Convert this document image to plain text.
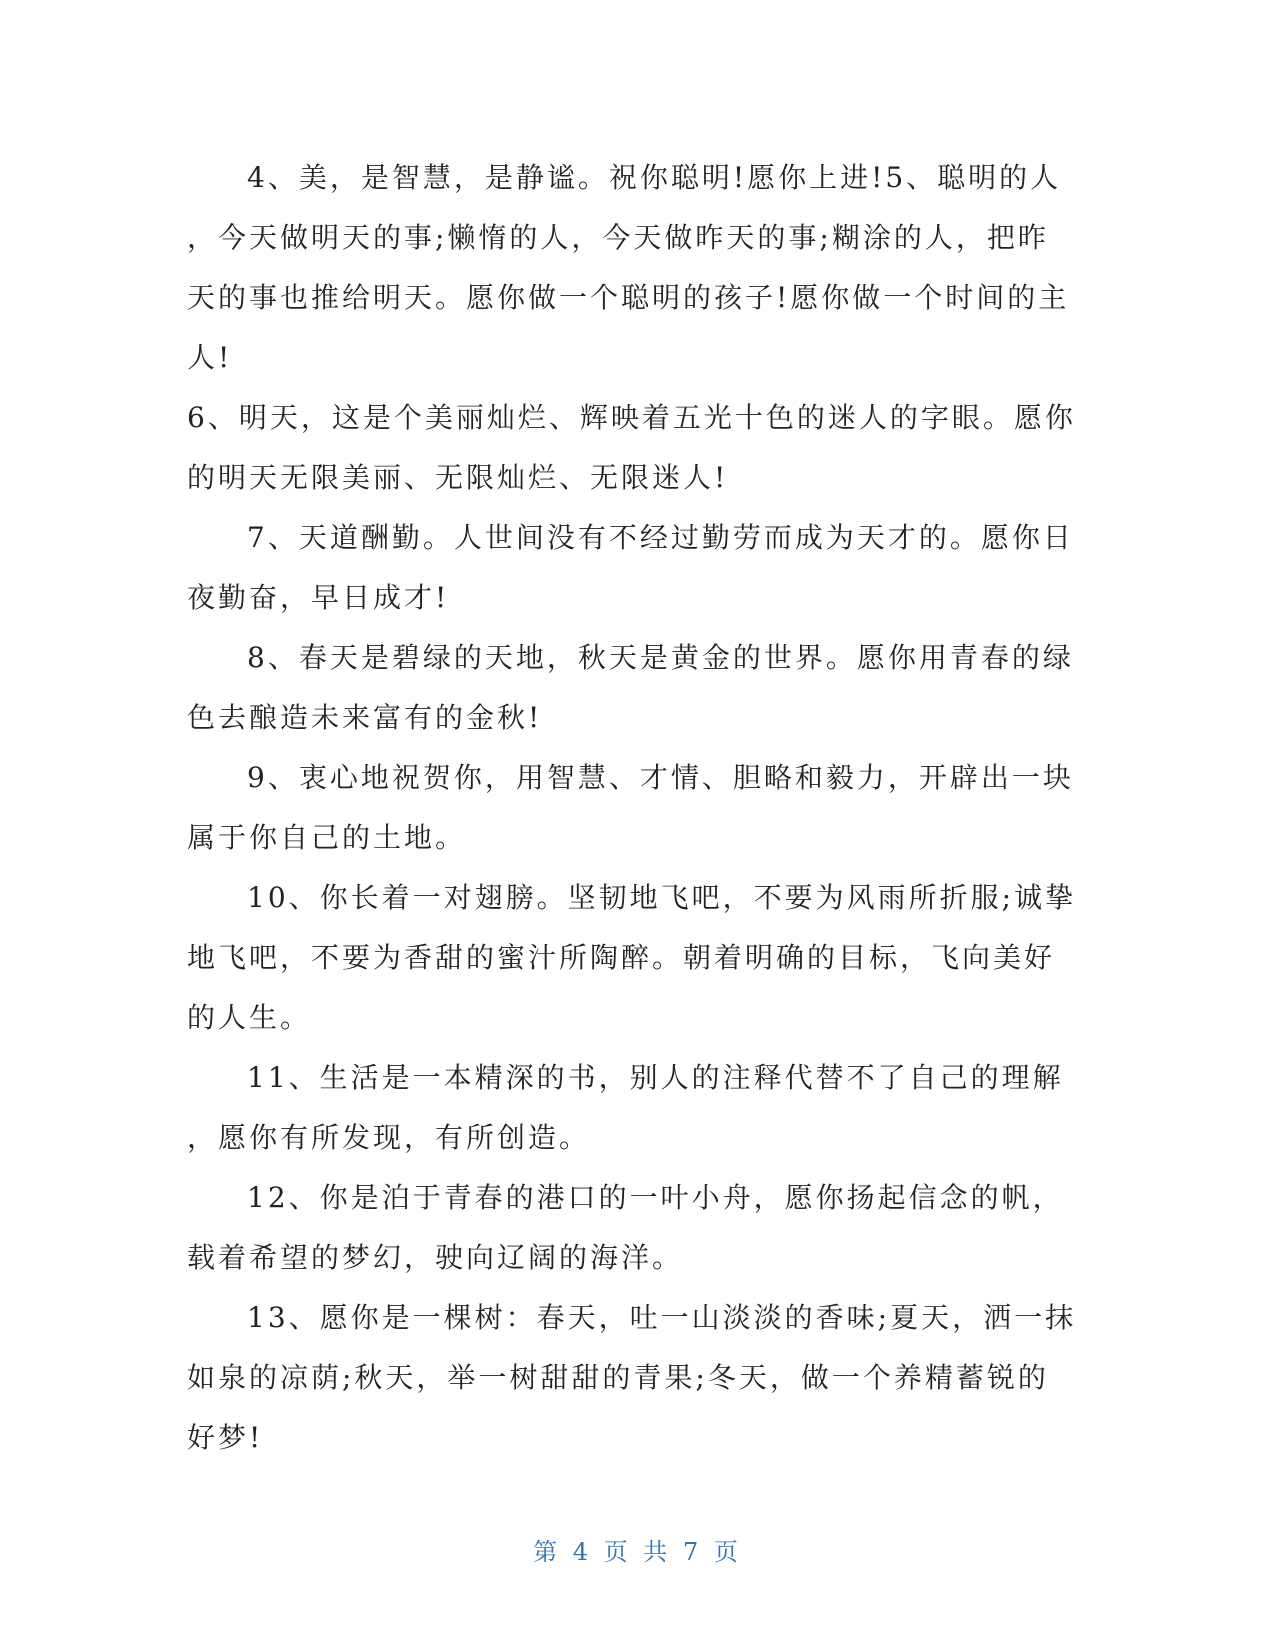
4、美，是智慧，是静谧。祝你聪明!愿你上进!5、聪明的人
，今天做明天的事;懒惰的人，今天做昨天的事;糊涂的人，把昨
天的事也推给明天。愿你做一个聪明的孩子!愿你做一个时间的主
人!
6、明天，这是个美丽灿烂、辉映着五光十色的迷人的字眼。愿你
的明天无限美丽、无限灿烂、无限迷人!
7、天道酬勤。人世间没有不经过勤劳而成为天才的。愿你日
夜勤奋，早日成才!
8、春天是碧绿的天地，秋天是黄金的世界。愿你用青春的绿
色去酿造未来富有的金秋!
9、衷心地祝贺你，用智慧、才情、胆略和毅力，开辟出一块
属于你自己的土地。
10、你长着一对翅膀。坚韧地飞吧，不要为风雨所折服;诚挚
地飞吧，不要为香甜的蜜汁所陶醉。朝着明确的目标，飞向美好
的人生。
11、生活是一本精深的书，别人的注释代替不了自己的理解
，愿你有所发现，有所创造。
12、你是泊于青春的港口的一叶小舟，愿你扬起信念的帆，
载着希望的梦幻，驶向辽阔的海洋。
13、愿你是一棵树：春天，吐一山淡淡的香味;夏天，洒一抹
如泉的凉荫;秋天，举一树甜甜的青果;冬天，做一个养精蓄锐的
好梦!
第 4 页 共 7 页
